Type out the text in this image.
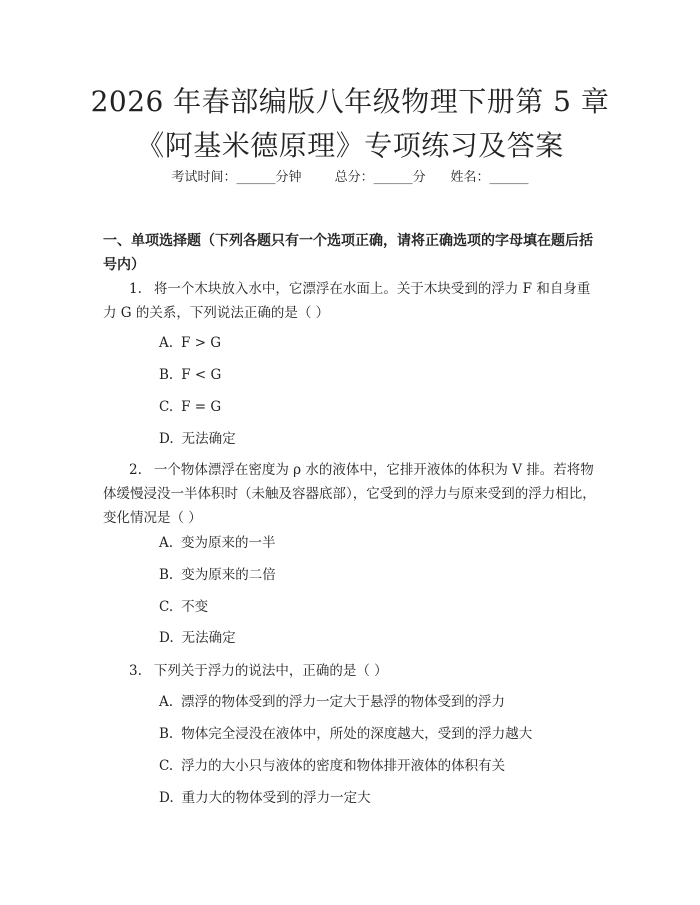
2026 年春部编版八年级物理下册第 5 章《阿基米德原理》专项练习及答案
考试时间：______分钟	总分：______分 姓名：______
一、单项选择题（下列各题只有一个选项正确，请将正确选项的字母填在题后括号内）
1. 将一个木块放入水中，它漂浮在水面上。关于木块受到的浮力 F 和自身重力 G 的关系，下列说法正确的是（ ）
A. F > G
B. F < G
C. F = G
D. 无法确定
2. 一个物体漂浮在密度为 ρ 水的液体中，它排开液体的体积为 V 排。若将物体缓慢浸没一半体积时（未触及容器底部），它受到的浮力与原来受到的浮力相比，变化情况是（ ）
A. 变为原来的一半
B. 变为原来的二倍
C. 不变
D. 无法确定
3. 下列关于浮力的说法中，正确的是（ ）
A. 漂浮的物体受到的浮力一定大于悬浮的物体受到的浮力
B. 物体完全浸没在液体中，所处的深度越大，受到的浮力越大
C. 浮力的大小只与液体的密度和物体排开液体的体积有关
D. 重力大的物体受到的浮力一定大
